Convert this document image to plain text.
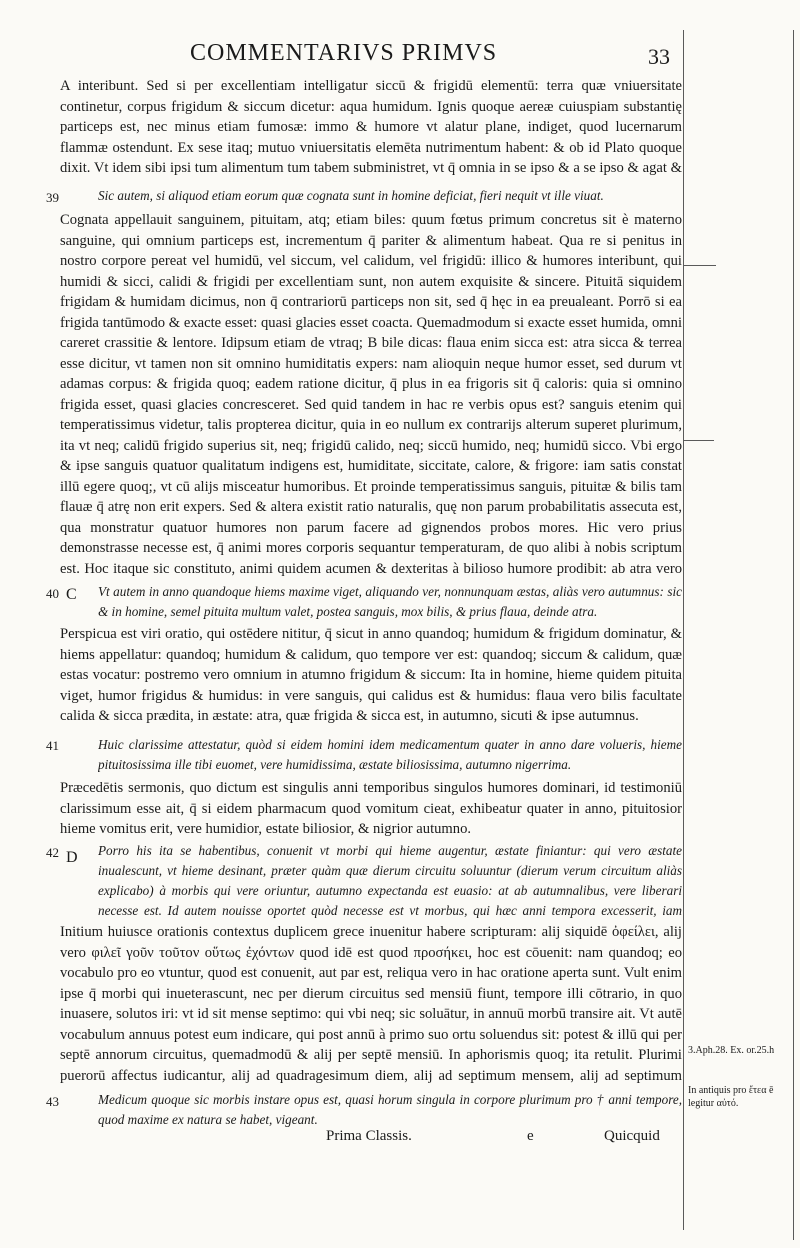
COMMENTARIVS PRIMVS	33

A interibunt. Sed si per excellentiam intelligatur siccū & frigidū elementū: terra quæ vniuersitate continetur, corpus frigidum & siccum dicetur: aqua humidum. Ignis quoque aereæ cuiuspiam substantię particeps est, nec minus etiam fumosæ: immo & humore vt alatur plane, indiget, quod lucernarum flammæ ostendunt. Ex sese itaq; mutuo vniuersitatis elemēta nutrimentum habent: & ob id Plato quoque dixit. Vt idem sibi ipsi tum alimentum tum tabem subministret, vt q̄ omnia in se ipso & a se ipso & agat &

39	Sic autem, si aliquod etiam eorum quæ cognata sunt in homine deficiat, fieri nequit vt ille viuat.

Cognata appellauit sanguinem, pituitam, atq; etiam biles: quum fœtus primum concretus sit è materno sanguine, qui omnium particeps est, incrementum q̄ pariter & alimentum habeat. Qua re si penitus in nostro corpore pereat vel humidū, vel siccum, vel calidum, vel frigidū: illico & humores interibunt, qui humidi & sicci, calidi & frigidi per excellentiam sunt, non autem exquisite & sincere. Pituitā siquidem frigidam & humidam dicimus, non q̄ contrariorū particeps non sit, sed q̄ hęc in ea preualeant. Porrō si ea frigida tantūmodo & exacte esset: quasi glacies esset coacta. Quemadmodum si exacte esset humida, omni careret crassitie & lentore. Idipsum etiam de vtraq; B bile dicas: flaua enim sicca est: atra sicca & terrea esse dicitur, vt tamen non sit omnino humiditatis expers: nam alioquin neque humor esset, sed durum vt adamas corpus: & frigida quoq; eadem ratione dicitur, q̄ plus in ea frigoris sit q̄ caloris: quia si omnino frigida esset, quasi glacies concresceret. Sed quid tandem in hac re verbis opus est? sanguis etenim qui temperatissimus videtur, talis propterea dicitur, quia in eo nullum ex contrarijs alterum superet plurimum, ita vt neq; calidū frigido superius sit, neq; frigidū calido, neq; siccū humido, neq; humidū sicco. Vbi ergo & ipse sanguis quatuor qualitatum indigens est, humiditate, siccitate, calore, & frigore: iam satis constat illū egere quoq;, vt cū alijs misceatur humoribus. Et proinde temperatissimus sanguis, pituitæ & bilis tam flauæ q̄ atrę non erit expers. Sed & altera existit ratio naturalis, quę non parum probabilitatis assecuta est, qua monstratur quatuor humores non parum facere ad gignendos probos mores. Hic vero prius demonstrasse necesse est, q̄ animi mores corporis sequantur temperaturam, de quo alibi à nobis scriptum est. Hoc itaque sic constituto, animi quidem acumen & dexteritas à bilioso humore prodibit: ab atra vero

40 C Vt autem in anno quandoque hiems maxime viget, aliquando ver, nonnunquam æstas, aliàs vero autumnus: sic & in homine, semel pituita multum valet, postea sanguis, mox bilis, & prius flaua, deinde atra.

Perspicua est viri oratio, qui ostēdere nititur, q̄ sicut in anno quandoq; humidum & frigidum dominatur, & hiems appellatur: quandoq; humidum & calidum, quo tempore ver est: quandoq; siccum & calidum, quæ estas vocatur: postremo vero omnium in atumno frigidum & siccum: Ita in homine, hieme quidem pituita viget, humor frigidus & humidus: in vere sanguis, qui calidus est & humidus: flaua vero bilis facultate calida & sicca prædita, in æstate: atra, quæ frigida & sicca est, in autumno, sicuti & ipse autumnus.

41	Huic clarissime attestatur, quòd si eidem homini idem medicamentum quater in anno dare volueris, hieme pituitosissima ille tibi euomet, vere humidissima, æstate biliosissima, autumno nigerrima.

Præcedētis sermonis, quo dictum est singulis anni temporibus singulos humores dominari, id testimoniū clarissimum esse ait, q̄ si eidem pharmacum quod vomitum cieat, exhibeatur quater in anno, pituitosior hieme vomitus erit, vere humidior, estate biliosior, & nigrior autumno.

42 D Porro his ita se habentibus, conuenit vt morbi qui hieme augentur, æstate finiantur: qui vero æstate inualescunt, vt hieme desinant, præter quàm quæ dierum circuitu soluuntur (dierum verum circuitum aliàs explicabo) à morbis qui vere oriuntur, autumno expectanda est euasio: at ab autumnalibus, vere liberari necesse est. Id autem nouisse oportet quòd necesse est vt morbus, qui hæc anni tempora excesserit, iam

Initium huiusce orationis contextus duplicem grece inuenitur habere scripturam: alij siquidē ὀφείλει, alij vero φιλεῖ γοῦν τοῦτον οὕτως ἐχόντων quod idē est quod προσήκει, hoc est cōuenit: nam quandoq; eo vocabulo pro eo vtuntur, quod est conuenit, aut par est, reliqua vero in hac oratione aperta sunt. Vult enim ipse q̄ morbi qui inueterascunt, nec per dierum circuitus sed mensiū fiunt, tempore illi cōtrario, in quo inuasere, solutos iri: vt id sit mense septimo: qui vbi neq; sic soluātur, in annuū morbū transire ait. Vt autē vocabulum annuus potest eum indicare, qui post annū à primo suo ortu soluendus sit: potest & illū qui per septē annorum circuitus, quemadmodū & alij per septē mensiū. In aphorismis quoq; ita retulit. Plurimi puerorū affectus iudicantur, alij ad quadragesimum diem, alij ad septimum mensem, alij ad septimum

43	Medicum quoque sic morbis instare opus est, quasi horum singula in corpore plurimum pro † anni tempore, quod maxime ex natura se habet, vigeant.

3.Aph.28. Ex. or.25.h
In antiquis pro ἔτεα ē legitur αὐτό.
Prima Classis.	e	Quicquid
